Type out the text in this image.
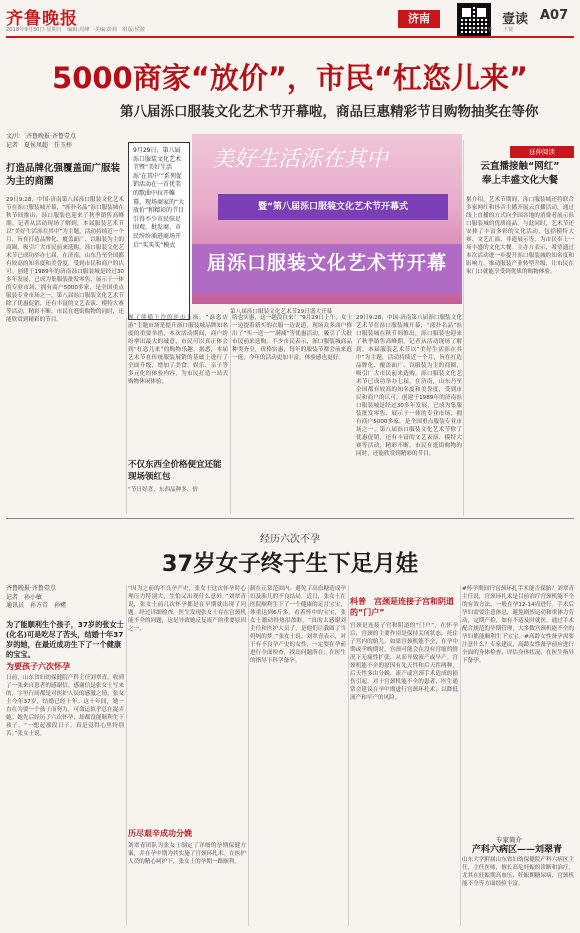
齐鲁晚报
2018年9月30日 星期日　编辑:周峰　美编:彭莉　组版:侯盈
济南	壹读 A07
校对:孙华　　王贤
5000商家“放价”，市民“杠恣儿来”
第八届泺口服装文化艺术节开幕啦，商品巨惠精彩节目购物抽奖在等你
文/片　齐鲁晚报·齐鲁壹点
记者　夏侯凤超　任玉梓
打造品牌化强覆盖面广服装为主的商圈
29日9:28，中国·济南第八届泺口服装文化艺术节在泺口服装城开幕，“泺扑名品”泺口服装城在秋节间推出，泺口服装也迎来了秋季销售高峰期。记者从活动现场了解到，本届服装艺术节以“美好生活泺在其中”为主题，活动持续近一个月，旨在打造品牌化、覆盖面广、以服装为主的商圈，吸引广大市民前来选购。泺口服装文化艺术节已成功举办七届，在济南，山东乃至全国都有较高的知名度和美誉度，受到市民和商户的认可。创建于1989年的济南泺口服装城是经过30多年发展，已成为集服装批发零售、展示于一体的专业市场，拥有商户5000多家，是全国重点服装专业市场之一。第八届泺口服装文化艺术节除了优惠促销，还有丰富的文艺表演、模特大赛等活动，精彩不断，市民在逛街购物的同时，还能欣赏到精彩的节目。
9月29日，第八届泺口服装文化艺术节暨“美好生活泺‘在其中’”系列促销活动在一首优美的歌曲中拉开帷幕，现场商家的“大放价”和精彩的节目引得不少市民驻足围观，批发商、市民纷纷涌进商场开启“买买买”模式
美好生活泺在其中
暨“第八届泺口服装文化艺术节开幕式
届泺口服装文化艺术节开幕
第八届泺口服装文化艺术节29日盛大开幕
现了熊猫下沙的逆市上扬。“泺恣店游”主题市场是提升泺口服装城品牌知名度的重要举措，本次活动期间，商户纷纷拿出最大的诚意，市民可以真正体会到“杠恣儿来”的购物乐趣。据悉，本届艺术节在传统服装展销的基础上进行了全面升级，增加了美食、娱乐、亲子等多元化的体验内容，为市民打造一站式购物休闲体验。
络也实惠，这一趟没白来！”9月29日上午，女士一边提着新买的衣服一边说道。现场众多商户推出了“买一送一”“满减”等优惠活动，吸引了大批市民前来选购。不少市民表示，泺口服装城商品种类齐全，价格实惠，每年的服装节都会前来逛一逛，今年的活动更加丰富，体验感也更好。
29日9:28，中国·济南第八届泺口服装文化艺术节在泺口服装城开幕，“泺扑名品”泺口服装城在秋节间推出，泺口服装也迎来了秋季销售高峰期。记者从活动现场了解到，本届服装艺术节以“美好生活泺在其中”为主题，活动持续近一个月，旨在打造品牌化、覆盖面广、以服装为主的商圈，吸引广大市民前来选购。泺口服装文化艺术节已成功举办七届，在济南，山东乃至全国都有较高的知名度和美誉度，受到市民和商户的认可。创建于1989年的济南泺口服装城是经过30多年发展，已成为集服装批发零售、展示于一体的专业市场，拥有商户5000多家，是全国重点服装专业市场之一。第八届泺口服装文化艺术节除了优惠促销，还有丰富的文艺表演、模特大赛等活动，精彩不断，市民在逛街购物的同时，还能欣赏到精彩的节目。
不仅东西全价格便宜还能现场领红包
“节日好喜，东西品种多，价
延伸阅读
云直播接触“网红”
奉上丰盛文化大餐
据介绍，艺术节期间，泺口服装城还将联合多家网红和抖音主播开展云直播活动，通过线上直播的方式向全国各地的消费者展示泺口服装城的优质商品。与此同时，艺术节还安排了丰富多彩的文化活动，包括模特大赛、文艺汇演、非遗展示等，为市民奉上一场丰盛的文化大餐。主办方表示，希望通过本次活动进一步提升泺口服装城的知名度和影响力，推动服装产业转型升级，让市民在家门口就能享受到优质的购物体验。
经历六次不孕
37岁女子终于生下足月娃
齐鲁晚报·齐鲁壹点
记者　孙小敏
通讯员　孙方青　孙褚
为了能顺利生个孩子，37岁的张女士(化名)可是吃尽了苦头，结婚十年37岁的她，在最近成功生下了一个健康的宝宝。
为要孩子六次怀孕
日前，山东省妇幼保健院产科主任刘翠青，收到了一张来自患者的感谢信。感谢信是张女士写来的，字里行间都是对医护人员的感激之情。张女士今年37岁，结婚已经十年。这十年间，她一直在为要一个孩子而努力，可命运似乎总在捉弄她。她先后经历了六次怀孕，却都没能顺利生下孩子。“一想起那段日子，真是觉得心里特别苦。”张女士说。
“因为之前的不良孕产史，张女士这次怀孕时心理压力特别大，生怕又出现什么意外。”刘翠青说，张女士前几次怀孕都是在早期就出现了问题。经过详细检查，医生发现张女士存在宫颈机能不全的问题，这是导致她反复流产的重要原因之一。
历尽艰辛成功分娩
刘翠青团队为张女士制定了详细的孕期保健方案，并在孕中期为其实施了宫颈环扎术。在医护人员的精心呵护下，张女士的孕期一路顺利。
制在正常范围内。避免了高血糖造成孕妇及胎儿的不良结局。近日，张女士在医院顺利生下了一个健康的足月宝宝，体重达到6斤多。看着怀中的宝宝，张女士激动得热泪盈眶。“真的太感谢刘主任和医护人员了，是他们让我圆了当妈妈的梦。”张女士说。刘翠青表示，对于有不良孕产史的女性，一定要在孕前进行全面检查，找出问题所在，在医生的指导下科学备孕。
科普　宫颈是连接子宫和阴道的“门户”
宫颈是连接子宫和阴道的“门户”，在怀孕后，宫颈的主要作用是保持关闭状态，托住子宫内的胎儿。如果宫颈机能不全，在孕中期或孕晚期时，宫颈可能会在没有宫缩的情况下无痛性扩张，从而导致流产或早产。宫颈机能不全的原因有先天性和后天性两种，后天性多由分娩、流产或宫颈手术造成的损伤引起。对于宫颈机能不全的患者，医生通常会建议在孕中期进行宫颈环扎术，以降低流产和早产的风险。
#怀孕期间行宫颈环扎手术能否保胎？刘翠青主任说，宫颈环扎术是目前治疗宫颈机能不全的有效方法，一般在孕12-14周进行。手术后孕妇需要注意休息，避免剧烈运动和重体力劳动，定期产检，如有不适及时就医。通过手术配合规范的孕期管理，大多数宫颈机能不全的孕妇都能顺利生下宝宝。#高龄女性备孕需要注意什么？专家建议，高龄女性备孕前应进行全面的身体检查，评估身体状况，在医生指导下备孕。
专家简介
产科六病区——刘翠青
山东大学附属山东省妇幼保健院产科六病区主任，主任医师，擅长高危妊娠的诊断和治疗，尤其在妊娠期高血压、妊娠期糖尿病、宫颈机能不全等方面经验丰富。
